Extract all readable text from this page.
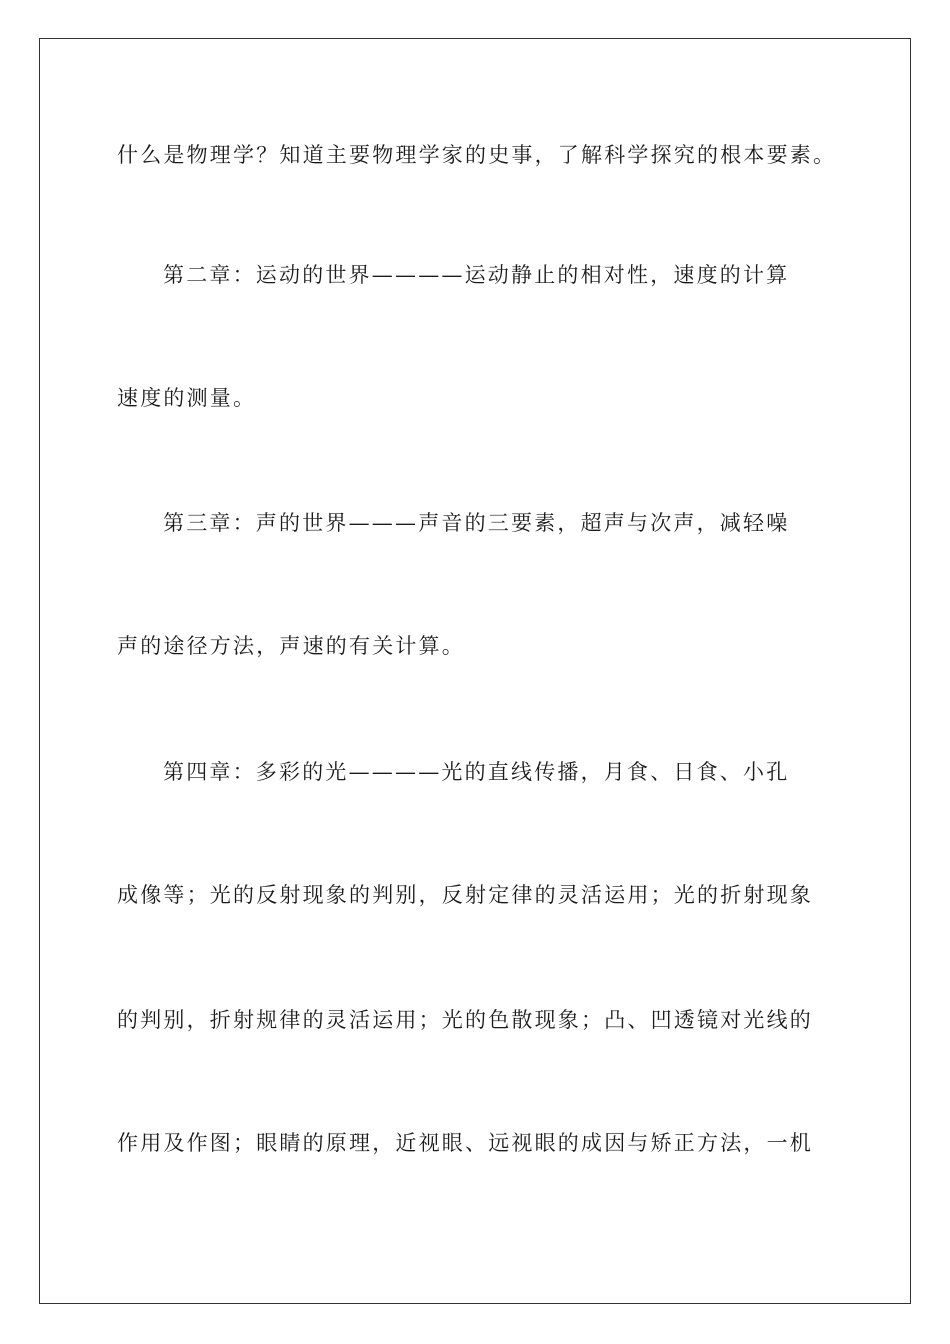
什么是物理学？知道主要物理学家的史事，了解科学探究的根本要素。
第二章：运动的世界————运动静止的相对性，速度的计算
速度的测量。
第三章：声的世界———声音的三要素，超声与次声，减轻噪
声的途径方法，声速的有关计算。
第四章：多彩的光————光的直线传播，月食、日食、小孔
成像等；光的反射现象的判别，反射定律的灵活运用；光的折射现象
的判别，折射规律的灵活运用；光的色散现象；凸、凹透镜对光线的
作用及作图；眼睛的原理，近视眼、远视眼的成因与矫正方法，一机
